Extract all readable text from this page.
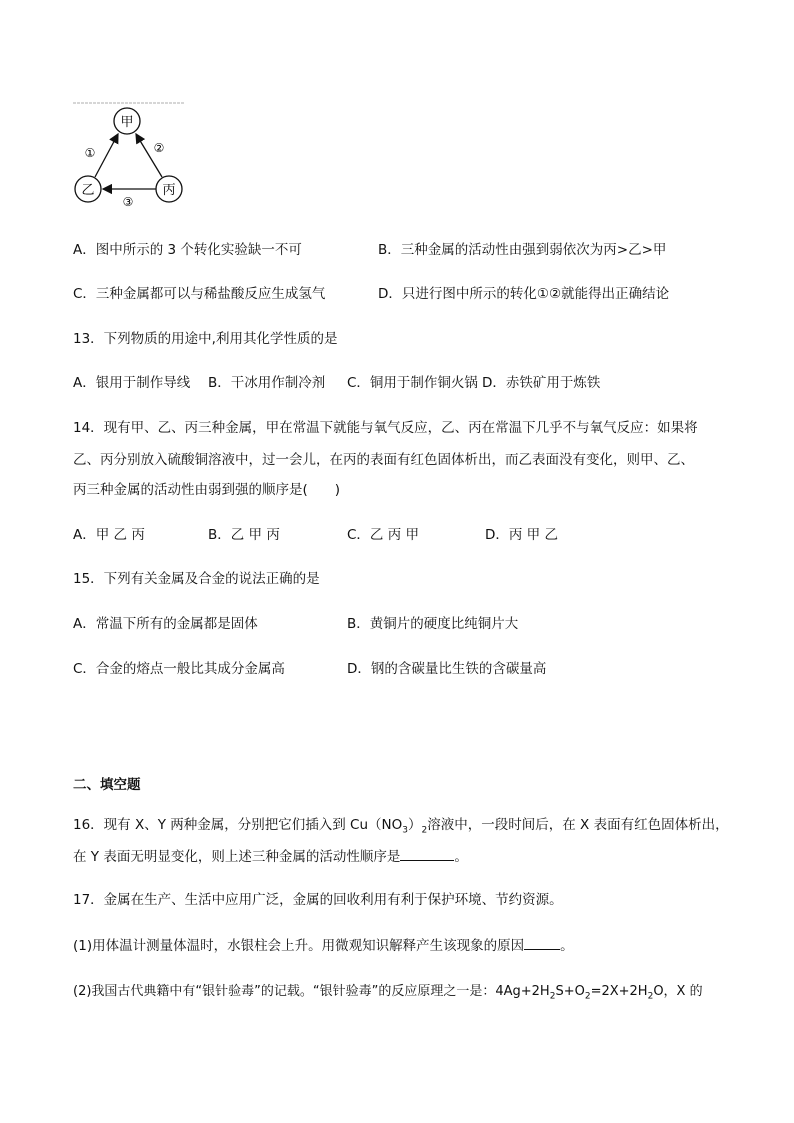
甲
乙	丙
①	②
③
A．图中所示的 3 个转化实验缺一不可	B．三种金属的活动性由强到弱依次为丙>乙>甲
C．三种金属都可以与稀盐酸反应生成氢气	D．只进行图中所示的转化①②就能得出正确结论
13．下列物质的用途中,利用其化学性质的是
A．银用于制作导线 B．干冰用作制冷剂 C．铜用于制作铜火锅 D．赤铁矿用于炼铁
14．现有甲、乙、丙三种金属，甲在常温下就能与氧气反应，乙、丙在常温下几乎不与氧气反应：如果将
乙、丙分别放入硫酸铜溶液中，过一会儿，在丙的表面有红色固体析出，而乙表面没有变化，则甲、乙、
丙三种金属的活动性由弱到强的顺序是(　　)
A．甲 乙 丙	B．乙 甲 丙	C．乙 丙 甲	D．丙 甲 乙
15．下列有关金属及合金的说法正确的是
A．常温下所有的金属都是固体	B．黄铜片的硬度比纯铜片大
C．合金的熔点一般比其成分金属高	D．钢的含碳量比生铁的含碳量高
二、填空题
16．现有 X、Y 两种金属，分别把它们插入到 $Cu(NO_3)_2$溶液中，一段时间后，在 X 表面有红色固体析出，
在 Y 表面无明显变化，则上述三种金属的活动性顺序是	。
17．金属在生产、生活中应用广泛，金属的回收利用有利于保护环境、节约资源。
(1)用体温计测量体温时，水银柱会上升。用微观知识解释产生该现象的原因	。
(2)我国古代典籍中有“银针验毒”的记载。“银针验毒”的反应原理之一是：$4Ag+2H_2S+O_2=2X+2H_2O$，X 的
